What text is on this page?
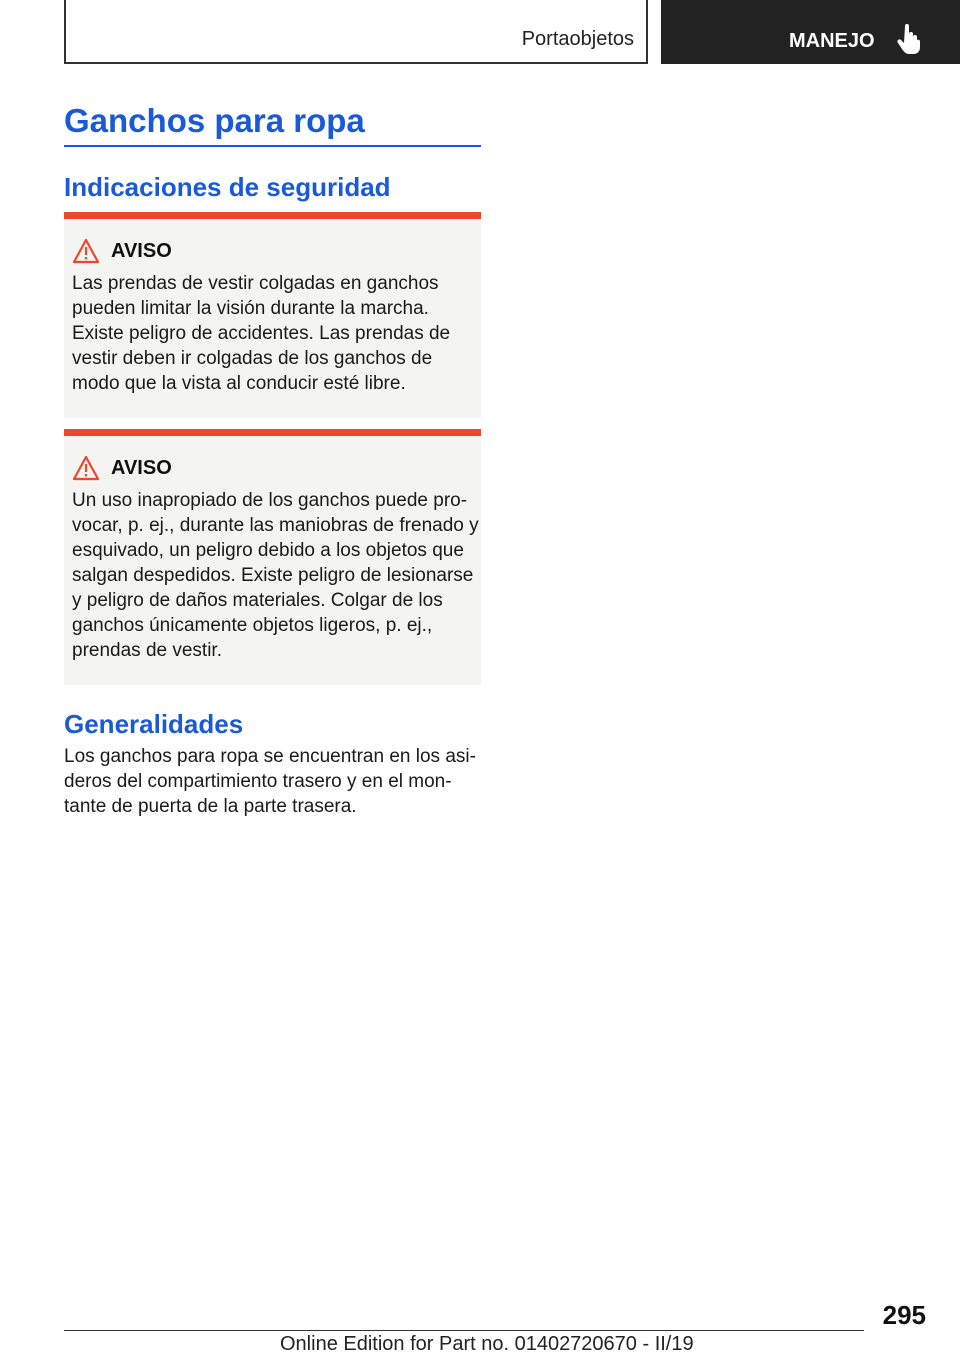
Portaobjetos	MANEJO
Ganchos para ropa
Indicaciones de seguridad
AVISO
Las prendas de vestir colgadas en ganchos
pueden limitar la visión durante la marcha.
Existe peligro de accidentes. Las prendas de
vestir deben ir colgadas de los ganchos de
modo que la vista al conducir esté libre.
AVISO
Un uso inapropiado de los ganchos puede pro‐
vocar, p. ej., durante las maniobras de frenado y
esquivado, un peligro debido a los objetos que
salgan despedidos. Existe peligro de lesionarse
y peligro de daños materiales. Colgar de los
ganchos únicamente objetos ligeros, p. ej.,
prendas de vestir.
Generalidades
Los ganchos para ropa se encuentran en los asi‐
deros del compartimiento trasero y en el mon‐
tante de puerta de la parte trasera.
295
Online Edition for Part no. 01402720670 - II/19
